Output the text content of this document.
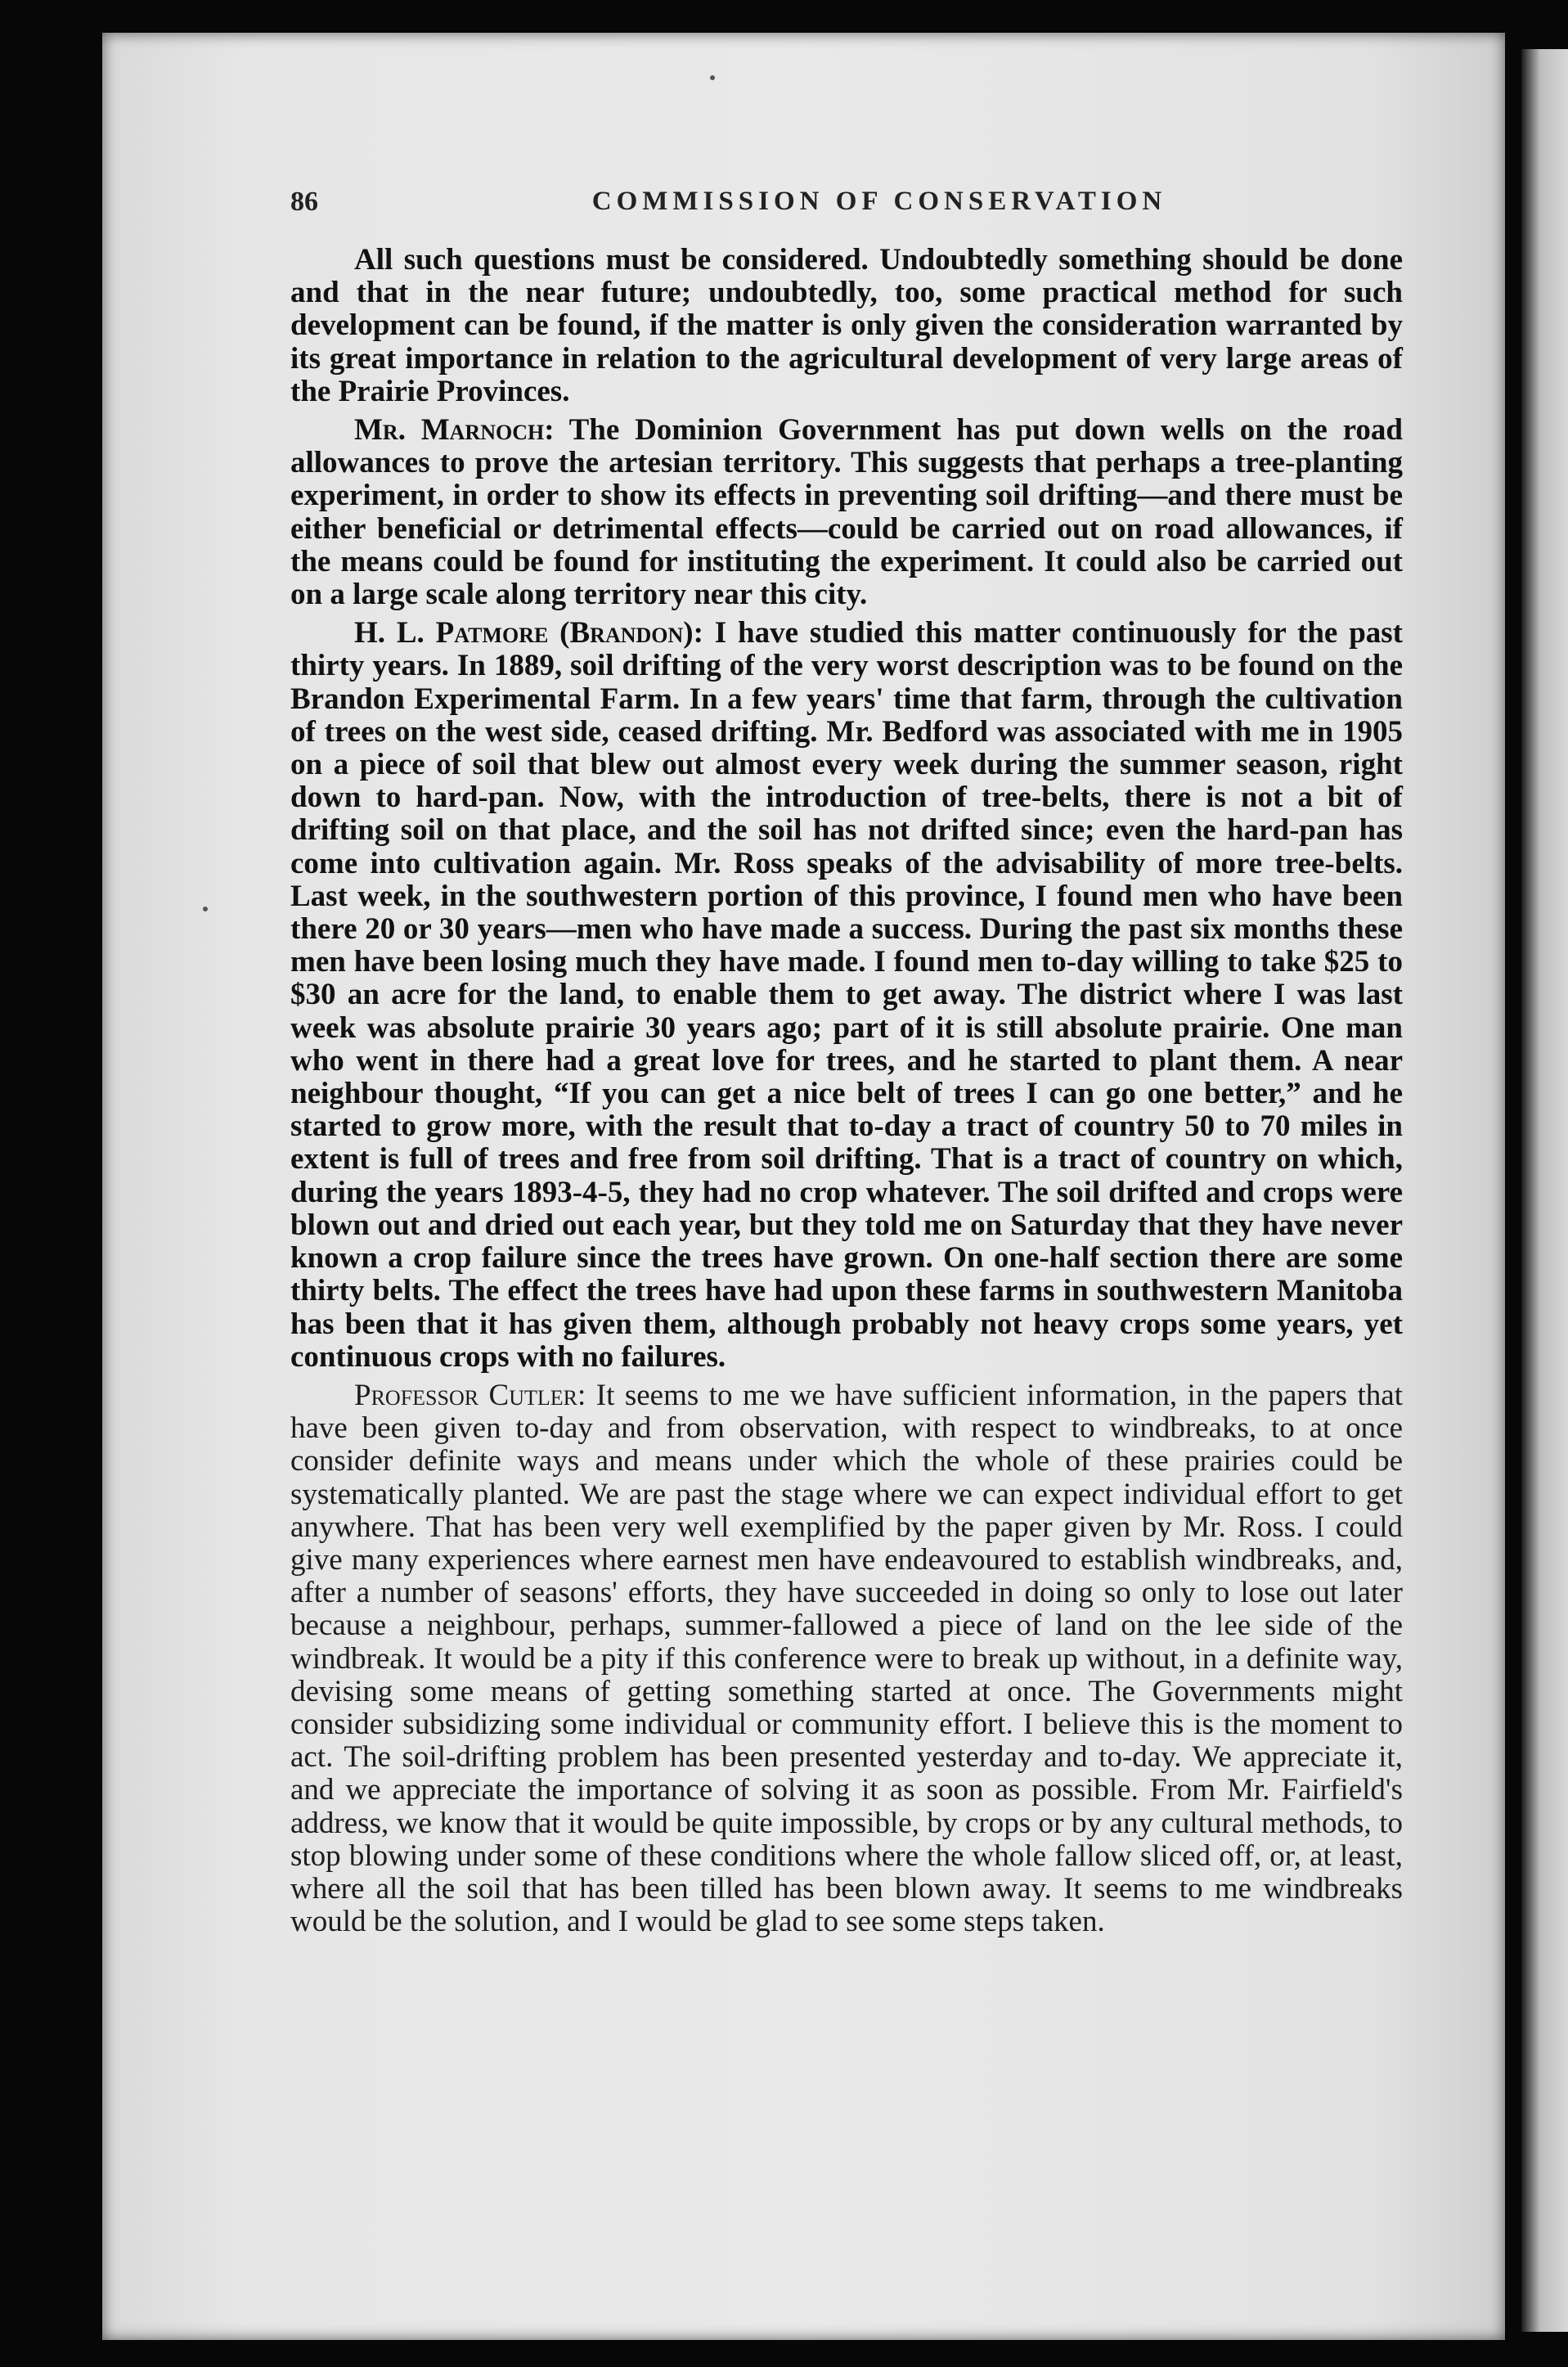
86	COMMISSION OF CONSERVATION

All such questions must be considered. Undoubtedly something should be done and that in the near future; undoubtedly, too, some practical method for such development can be found, if the matter is only given the consideration warranted by its great importance in relation to the agricultural development of very large areas of the Prairie Provinces.

Mr. Marnoch: The Dominion Government has put down wells on the road allowances to prove the artesian territory. This suggests that perhaps a tree-planting experiment, in order to show its effects in preventing soil drifting—and there must be either beneficial or detrimental effects—could be carried out on road allowances, if the means could be found for instituting the experiment. It could also be carried out on a large scale along territory near this city.

H. L. Patmore (Brandon): I have studied this matter continuously for the past thirty years. In 1889, soil drifting of the very worst description was to be found on the Brandon Experimental Farm. In a few years' time that farm, through the cultivation of trees on the west side, ceased drifting. Mr. Bedford was associated with me in 1905 on a piece of soil that blew out almost every week during the summer season, right down to hard-pan. Now, with the introduction of tree-belts, there is not a bit of drifting soil on that place, and the soil has not drifted since; even the hard-pan has come into cultivation again. Mr. Ross speaks of the advisability of more tree-belts. Last week, in the southwestern portion of this province, I found men who have been there 20 or 30 years—men who have made a success. During the past six months these men have been losing much they have made. I found men to-day willing to take $25 to $30 an acre for the land, to enable them to get away. The district where I was last week was absolute prairie 30 years ago; part of it is still absolute prairie. One man who went in there had a great love for trees, and he started to plant them. A near neighbour thought, “If you can get a nice belt of trees I can go one better,” and he started to grow more, with the result that to-day a tract of country 50 to 70 miles in extent is full of trees and free from soil drifting. That is a tract of country on which, during the years 1893-4-5, they had no crop whatever. The soil drifted and crops were blown out and dried out each year, but they told me on Saturday that they have never known a crop failure since the trees have grown. On one-half section there are some thirty belts. The effect the trees have had upon these farms in southwestern Manitoba has been that it has given them, although probably not heavy crops some years, yet continuous crops with no failures.

Professor Cutler: It seems to me we have sufficient information, in the papers that have been given to-day and from observation, with respect to windbreaks, to at once consider definite ways and means under which the whole of these prairies could be systematically planted. We are past the stage where we can expect individual effort to get anywhere. That has been very well exemplified by the paper given by Mr. Ross. I could give many experiences where earnest men have endeavoured to establish windbreaks, and, after a number of seasons' efforts, they have succeeded in doing so only to lose out later because a neighbour, perhaps, summer-fallowed a piece of land on the lee side of the windbreak. It would be a pity if this conference were to break up without, in a definite way, devising some means of getting something started at once. The Governments might consider subsidizing some individual or community effort. I believe this is the moment to act. The soil-drifting problem has been presented yesterday and to-day. We appreciate it, and we appreciate the importance of solving it as soon as possible. From Mr. Fairfield's address, we know that it would be quite impossible, by crops or by any cultural methods, to stop blowing under some of these conditions where the whole fallow sliced off, or, at least, where all the soil that has been tilled has been blown away. It seems to me windbreaks would be the solution, and I would be glad to see some steps taken.
